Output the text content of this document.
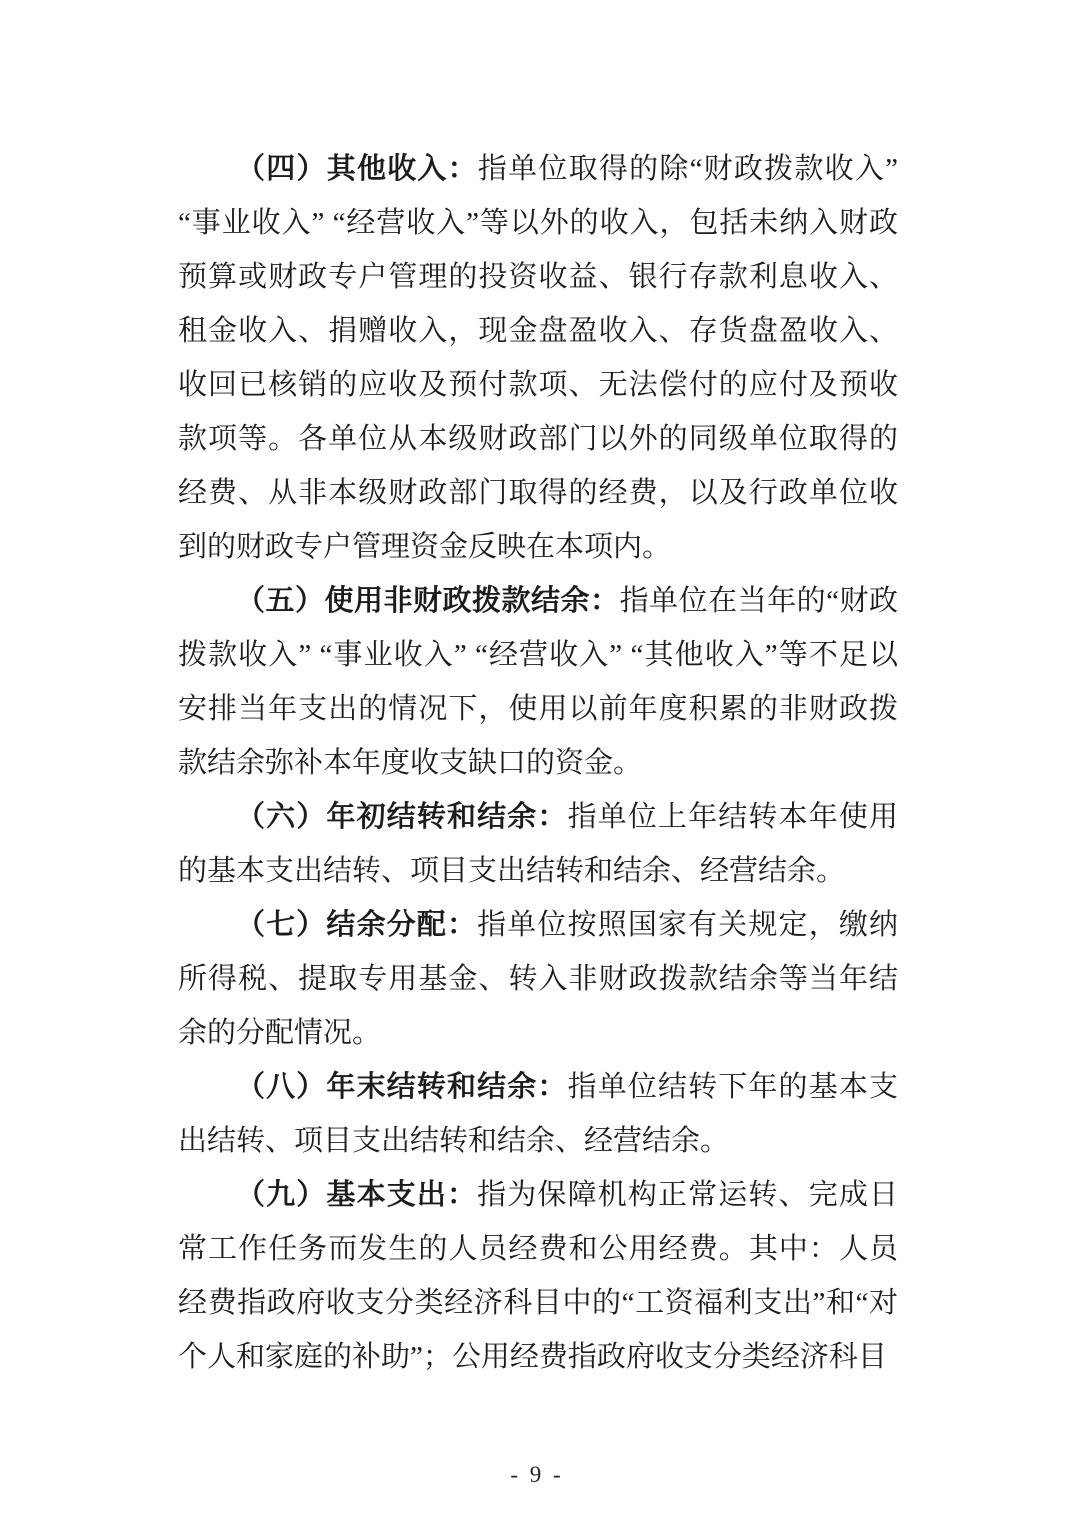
（四）其他收入：指单位取得的除“财政拨款收入” “事业收入” “经营收入”等以外的收入，包括未纳入财政预算或财政专户管理的投资收益、银行存款利息收入、租金收入、捐赠收入，现金盘盈收入、存货盘盈收入、收回已核销的应收及预付款项、无法偿付的应付及预收款项等。各单位从本级财政部门以外的同级单位取得的经费、从非本级财政部门取得的经费，以及行政单位收到的财政专户管理资金反映在本项内。

（五）使用非财政拨款结余：指单位在当年的“财政拨款收入” “事业收入” “经营收入” “其他收入”等不足以安排当年支出的情况下，使用以前年度积累的非财政拨款结余弥补本年度收支缺口的资金。

（六）年初结转和结余：指单位上年结转本年使用的基本支出结转、项目支出结转和结余、经营结余。

（七）结余分配：指单位按照国家有关规定，缴纳所得税、提取专用基金、转入非财政拨款结余等当年结余的分配情况。

（八）年末结转和结余：指单位结转下年的基本支出结转、项目支出结转和结余、经营结余。

（九）基本支出：指为保障机构正常运转、完成日常工作任务而发生的人员经费和公用经费。其中：人员经费指政府收支分类经济科目中的“工资福利支出”和“对个人和家庭的补助”；公用经费指政府收支分类经济科目

- 9 -
